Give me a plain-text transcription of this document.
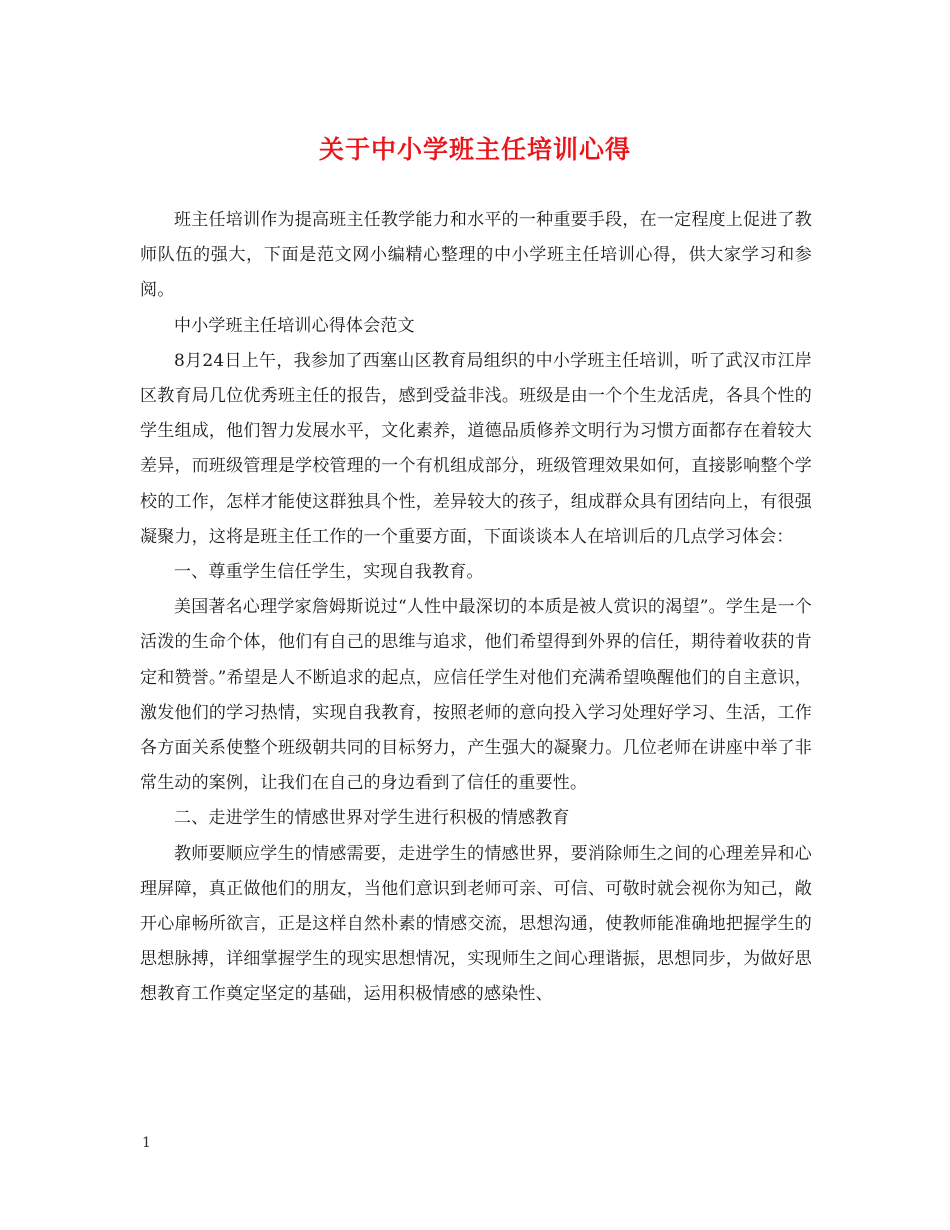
关于中小学班主任培训心得

班主任培训作为提高班主任教学能力和水平的一种重要手段，在一定程度上促进了教师队伍的强大，下面是范文网小编精心整理的中小学班主任培训心得，供大家学习和参阅。

中小学班主任培训心得体会范文

8月24日上午，我参加了西塞山区教育局组织的中小学班主任培训，听了武汉市江岸区教育局几位优秀班主任的报告，感到受益非浅。班级是由一个个生龙活虎，各具个性的学生组成，他们智力发展水平，文化素养，道德品质修养文明行为习惯方面都存在着较大差异，而班级管理是学校管理的一个有机组成部分，班级管理效果如何，直接影响整个学校的工作，怎样才能使这群独具个性，差异较大的孩子，组成群众具有团结向上，有很强凝聚力，这将是班主任工作的一个重要方面，下面谈谈本人在培训后的几点学习体会：

一、尊重学生信任学生，实现自我教育。

美国著名心理学家詹姆斯说过“人性中最深切的本质是被人赏识的渴望”。学生是一个活泼的生命个体，他们有自己的思维与追求，他们希望得到外界的信任，期待着收获的肯定和赞誉。”希望是人不断追求的起点，应信任学生对他们充满希望唤醒他们的自主意识，激发他们的学习热情，实现自我教育，按照老师的意向投入学习处理好学习、生活，工作各方面关系使整个班级朝共同的目标努力，产生强大的凝聚力。几位老师在讲座中举了非常生动的案例，让我们在自己的身边看到了信任的重要性。

二、走进学生的情感世界对学生进行积极的情感教育

教师要顺应学生的情感需要，走进学生的情感世界，要消除师生之间的心理差异和心理屏障，真正做他们的朋友，当他们意识到老师可亲、可信、可敬时就会视你为知己，敞开心扉畅所欲言，正是这样自然朴素的情感交流，思想沟通，使教师能准确地把握学生的思想脉搏，详细掌握学生的现实思想情况，实现师生之间心理谐振，思想同步，为做好思想教育工作奠定坚定的基础，运用积极情感的感染性、

1
